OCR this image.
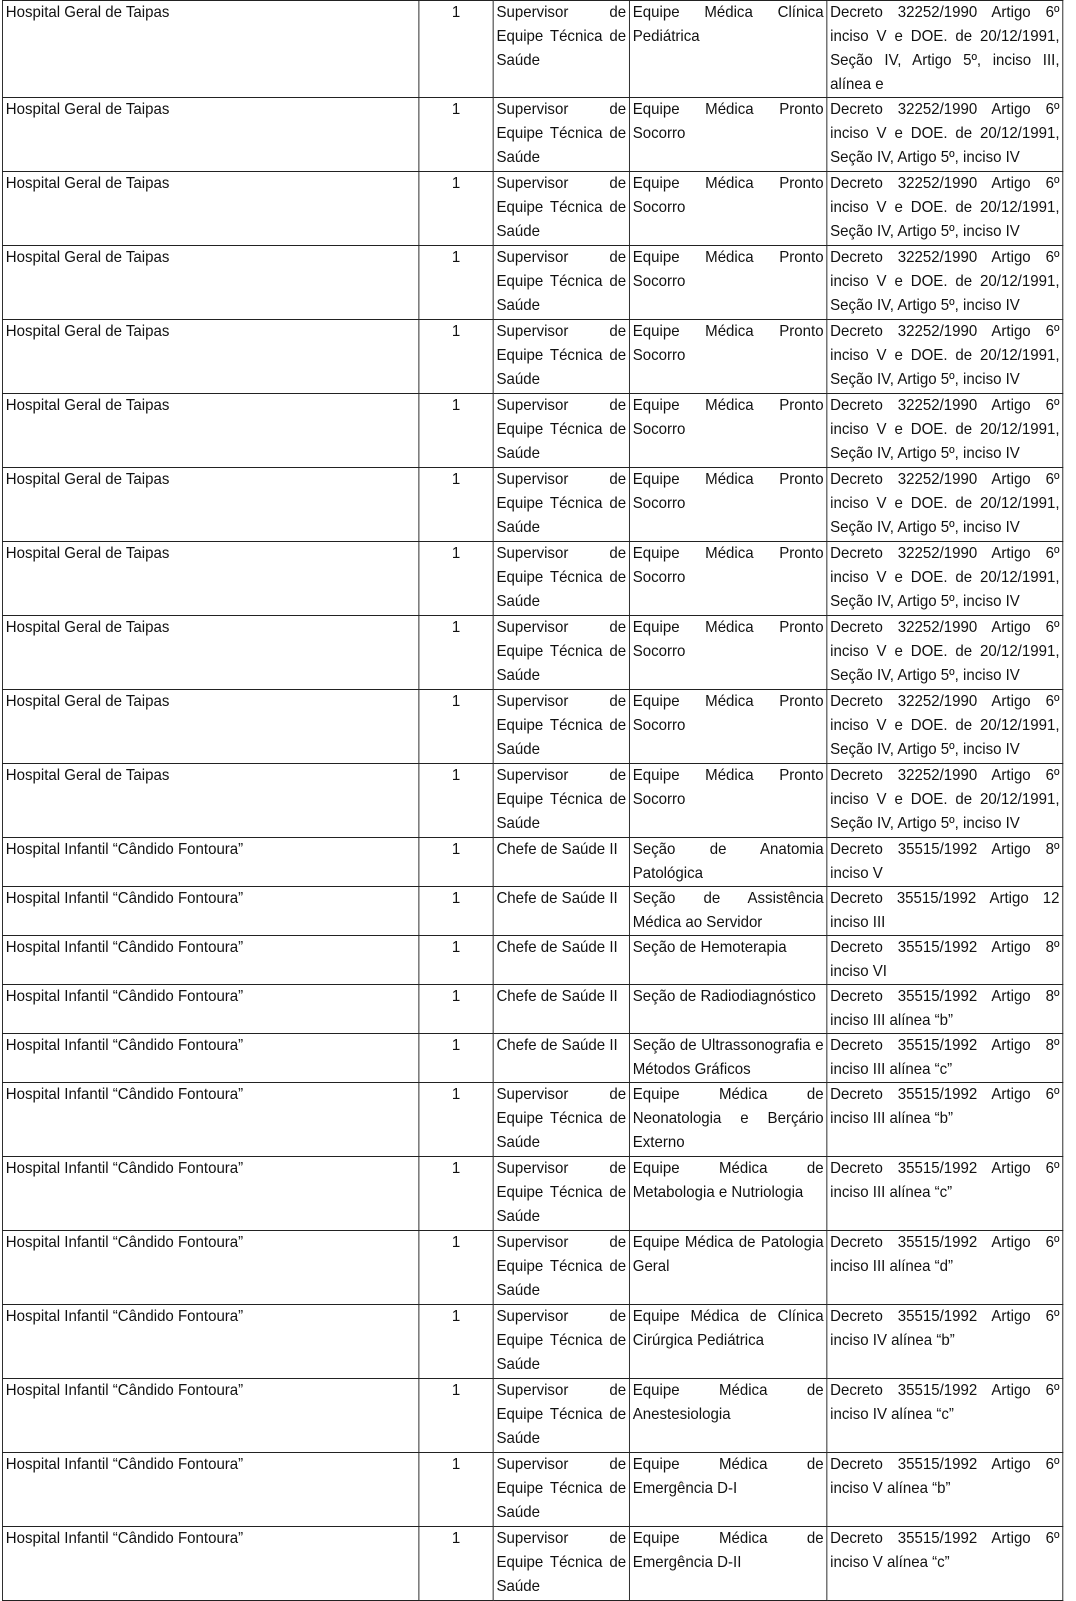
Hospital Geral de Taipas	1	Supervisor de Equipe Técnica de Saúde	Equipe Médica Clínica Pediátrica	Decreto 32252/1990 Artigo 6º inciso V e DOE. de 20/12/1991, Seção IV, Artigo 5º, inciso III, alínea e
Hospital Geral de Taipas	1	Supervisor de Equipe Técnica de Saúde	Equipe Médica Pronto Socorro	Decreto 32252/1990 Artigo 6º inciso V e DOE. de 20/12/1991, Seção IV, Artigo 5º, inciso IV
Hospital Geral de Taipas	1	Supervisor de Equipe Técnica de Saúde	Equipe Médica Pronto Socorro	Decreto 32252/1990 Artigo 6º inciso V e DOE. de 20/12/1991, Seção IV, Artigo 5º, inciso IV
Hospital Geral de Taipas	1	Supervisor de Equipe Técnica de Saúde	Equipe Médica Pronto Socorro	Decreto 32252/1990 Artigo 6º inciso V e DOE. de 20/12/1991, Seção IV, Artigo 5º, inciso IV
Hospital Geral de Taipas	1	Supervisor de Equipe Técnica de Saúde	Equipe Médica Pronto Socorro	Decreto 32252/1990 Artigo 6º inciso V e DOE. de 20/12/1991, Seção IV, Artigo 5º, inciso IV
Hospital Geral de Taipas	1	Supervisor de Equipe Técnica de Saúde	Equipe Médica Pronto Socorro	Decreto 32252/1990 Artigo 6º inciso V e DOE. de 20/12/1991, Seção IV, Artigo 5º, inciso IV
Hospital Geral de Taipas	1	Supervisor de Equipe Técnica de Saúde	Equipe Médica Pronto Socorro	Decreto 32252/1990 Artigo 6º inciso V e DOE. de 20/12/1991, Seção IV, Artigo 5º, inciso IV
Hospital Geral de Taipas	1	Supervisor de Equipe Técnica de Saúde	Equipe Médica Pronto Socorro	Decreto 32252/1990 Artigo 6º inciso V e DOE. de 20/12/1991, Seção IV, Artigo 5º, inciso IV
Hospital Geral de Taipas	1	Supervisor de Equipe Técnica de Saúde	Equipe Médica Pronto Socorro	Decreto 32252/1990 Artigo 6º inciso V e DOE. de 20/12/1991, Seção IV, Artigo 5º, inciso IV
Hospital Geral de Taipas	1	Supervisor de Equipe Técnica de Saúde	Equipe Médica Pronto Socorro	Decreto 32252/1990 Artigo 6º inciso V e DOE. de 20/12/1991, Seção IV, Artigo 5º, inciso IV
Hospital Geral de Taipas	1	Supervisor de Equipe Técnica de Saúde	Equipe Médica Pronto Socorro	Decreto 32252/1990 Artigo 6º inciso V e DOE. de 20/12/1991, Seção IV, Artigo 5º, inciso IV
Hospital Infantil “Cândido Fontoura”	1	Chefe de Saúde II	Seção de Anatomia Patológica	Decreto 35515/1992 Artigo 8º inciso V
Hospital Infantil “Cândido Fontoura”	1	Chefe de Saúde II	Seção de Assistência Médica ao Servidor	Decreto 35515/1992 Artigo 12 inciso III
Hospital Infantil “Cândido Fontoura”	1	Chefe de Saúde II	Seção de Hemoterapia	Decreto 35515/1992 Artigo 8º inciso VI
Hospital Infantil “Cândido Fontoura”	1	Chefe de Saúde II	Seção de Radiodiagnóstico	Decreto 35515/1992 Artigo 8º inciso III alínea “b”
Hospital Infantil “Cândido Fontoura”	1	Chefe de Saúde II	Seção de Ultrassonografia e Métodos Gráficos	Decreto 35515/1992 Artigo 8º inciso III alínea “c”
Hospital Infantil “Cândido Fontoura”	1	Supervisor de Equipe Técnica de Saúde	Equipe Médica de Neonatologia e Berçário Externo	Decreto 35515/1992 Artigo 6º inciso III alínea “b”
Hospital Infantil “Cândido Fontoura”	1	Supervisor de Equipe Técnica de Saúde	Equipe Médica de Metabologia e Nutriologia	Decreto 35515/1992 Artigo 6º inciso III alínea “c”
Hospital Infantil “Cândido Fontoura”	1	Supervisor de Equipe Técnica de Saúde	Equipe Médica de Patologia Geral	Decreto 35515/1992 Artigo 6º inciso III alínea “d”
Hospital Infantil “Cândido Fontoura”	1	Supervisor de Equipe Técnica de Saúde	Equipe Médica de Clínica Cirúrgica Pediátrica	Decreto 35515/1992 Artigo 6º inciso IV alínea “b”
Hospital Infantil “Cândido Fontoura”	1	Supervisor de Equipe Técnica de Saúde	Equipe Médica de Anestesiologia	Decreto 35515/1992 Artigo 6º inciso IV alínea “c”
Hospital Infantil “Cândido Fontoura”	1	Supervisor de Equipe Técnica de Saúde	Equipe Médica de Emergência D-I	Decreto 35515/1992 Artigo 6º inciso V alínea “b”
Hospital Infantil “Cândido Fontoura”	1	Supervisor de Equipe Técnica de Saúde	Equipe Médica de Emergência D-II	Decreto 35515/1992 Artigo 6º inciso V alínea “c”
